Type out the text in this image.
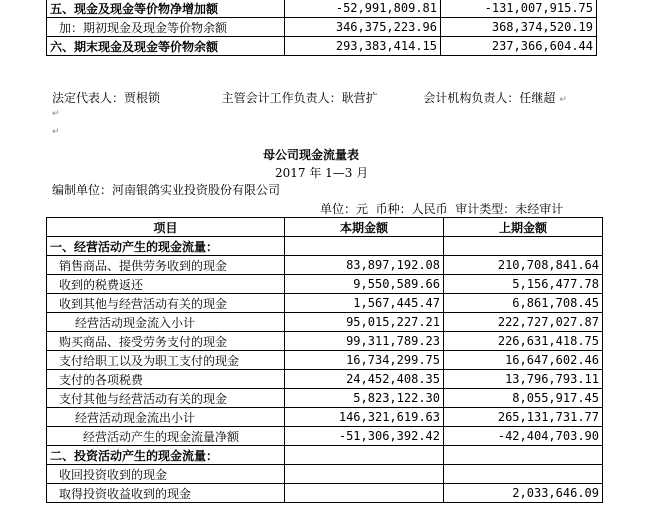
五、现金及现金等价物净增加额	-52,991,809.81	-131,007,915.75
加：期初现金及现金等价物余额	346,375,223.96	368,374,520.19
六、期末现金及现金等价物余额	293,383,414.15	237,366,604.44
法定代表人：贾根锁	主管会计工作负责人：耿营扩	会计机构负责人：任继超 ↵
↵
↵
母公司现金流量表
2017 年 1—3 月
编制单位：河南银鸽实业投资股份有限公司
单位：元  币种：人民币  审计类型：未经审计
项目	本期金额	上期金额
一、经营活动产生的现金流量：		
销售商品、提供劳务收到的现金	83,897,192.08	210,708,841.64
收到的税费返还	9,550,589.66	5,156,477.78
收到其他与经营活动有关的现金	1,567,445.47	6,861,708.45
经营活动现金流入小计	95,015,227.21	222,727,027.87
购买商品、接受劳务支付的现金	99,311,789.23	226,631,418.75
支付给职工以及为职工支付的现金	16,734,299.75	16,647,602.46
支付的各项税费	24,452,408.35	13,796,793.11
支付其他与经营活动有关的现金	5,823,122.30	8,055,917.45
经营活动现金流出小计	146,321,619.63	265,131,731.77
经营活动产生的现金流量净额	-51,306,392.42	-42,404,703.90
二、投资活动产生的现金流量：		
收回投资收到的现金		
取得投资收益收到的现金		2,033,646.09
